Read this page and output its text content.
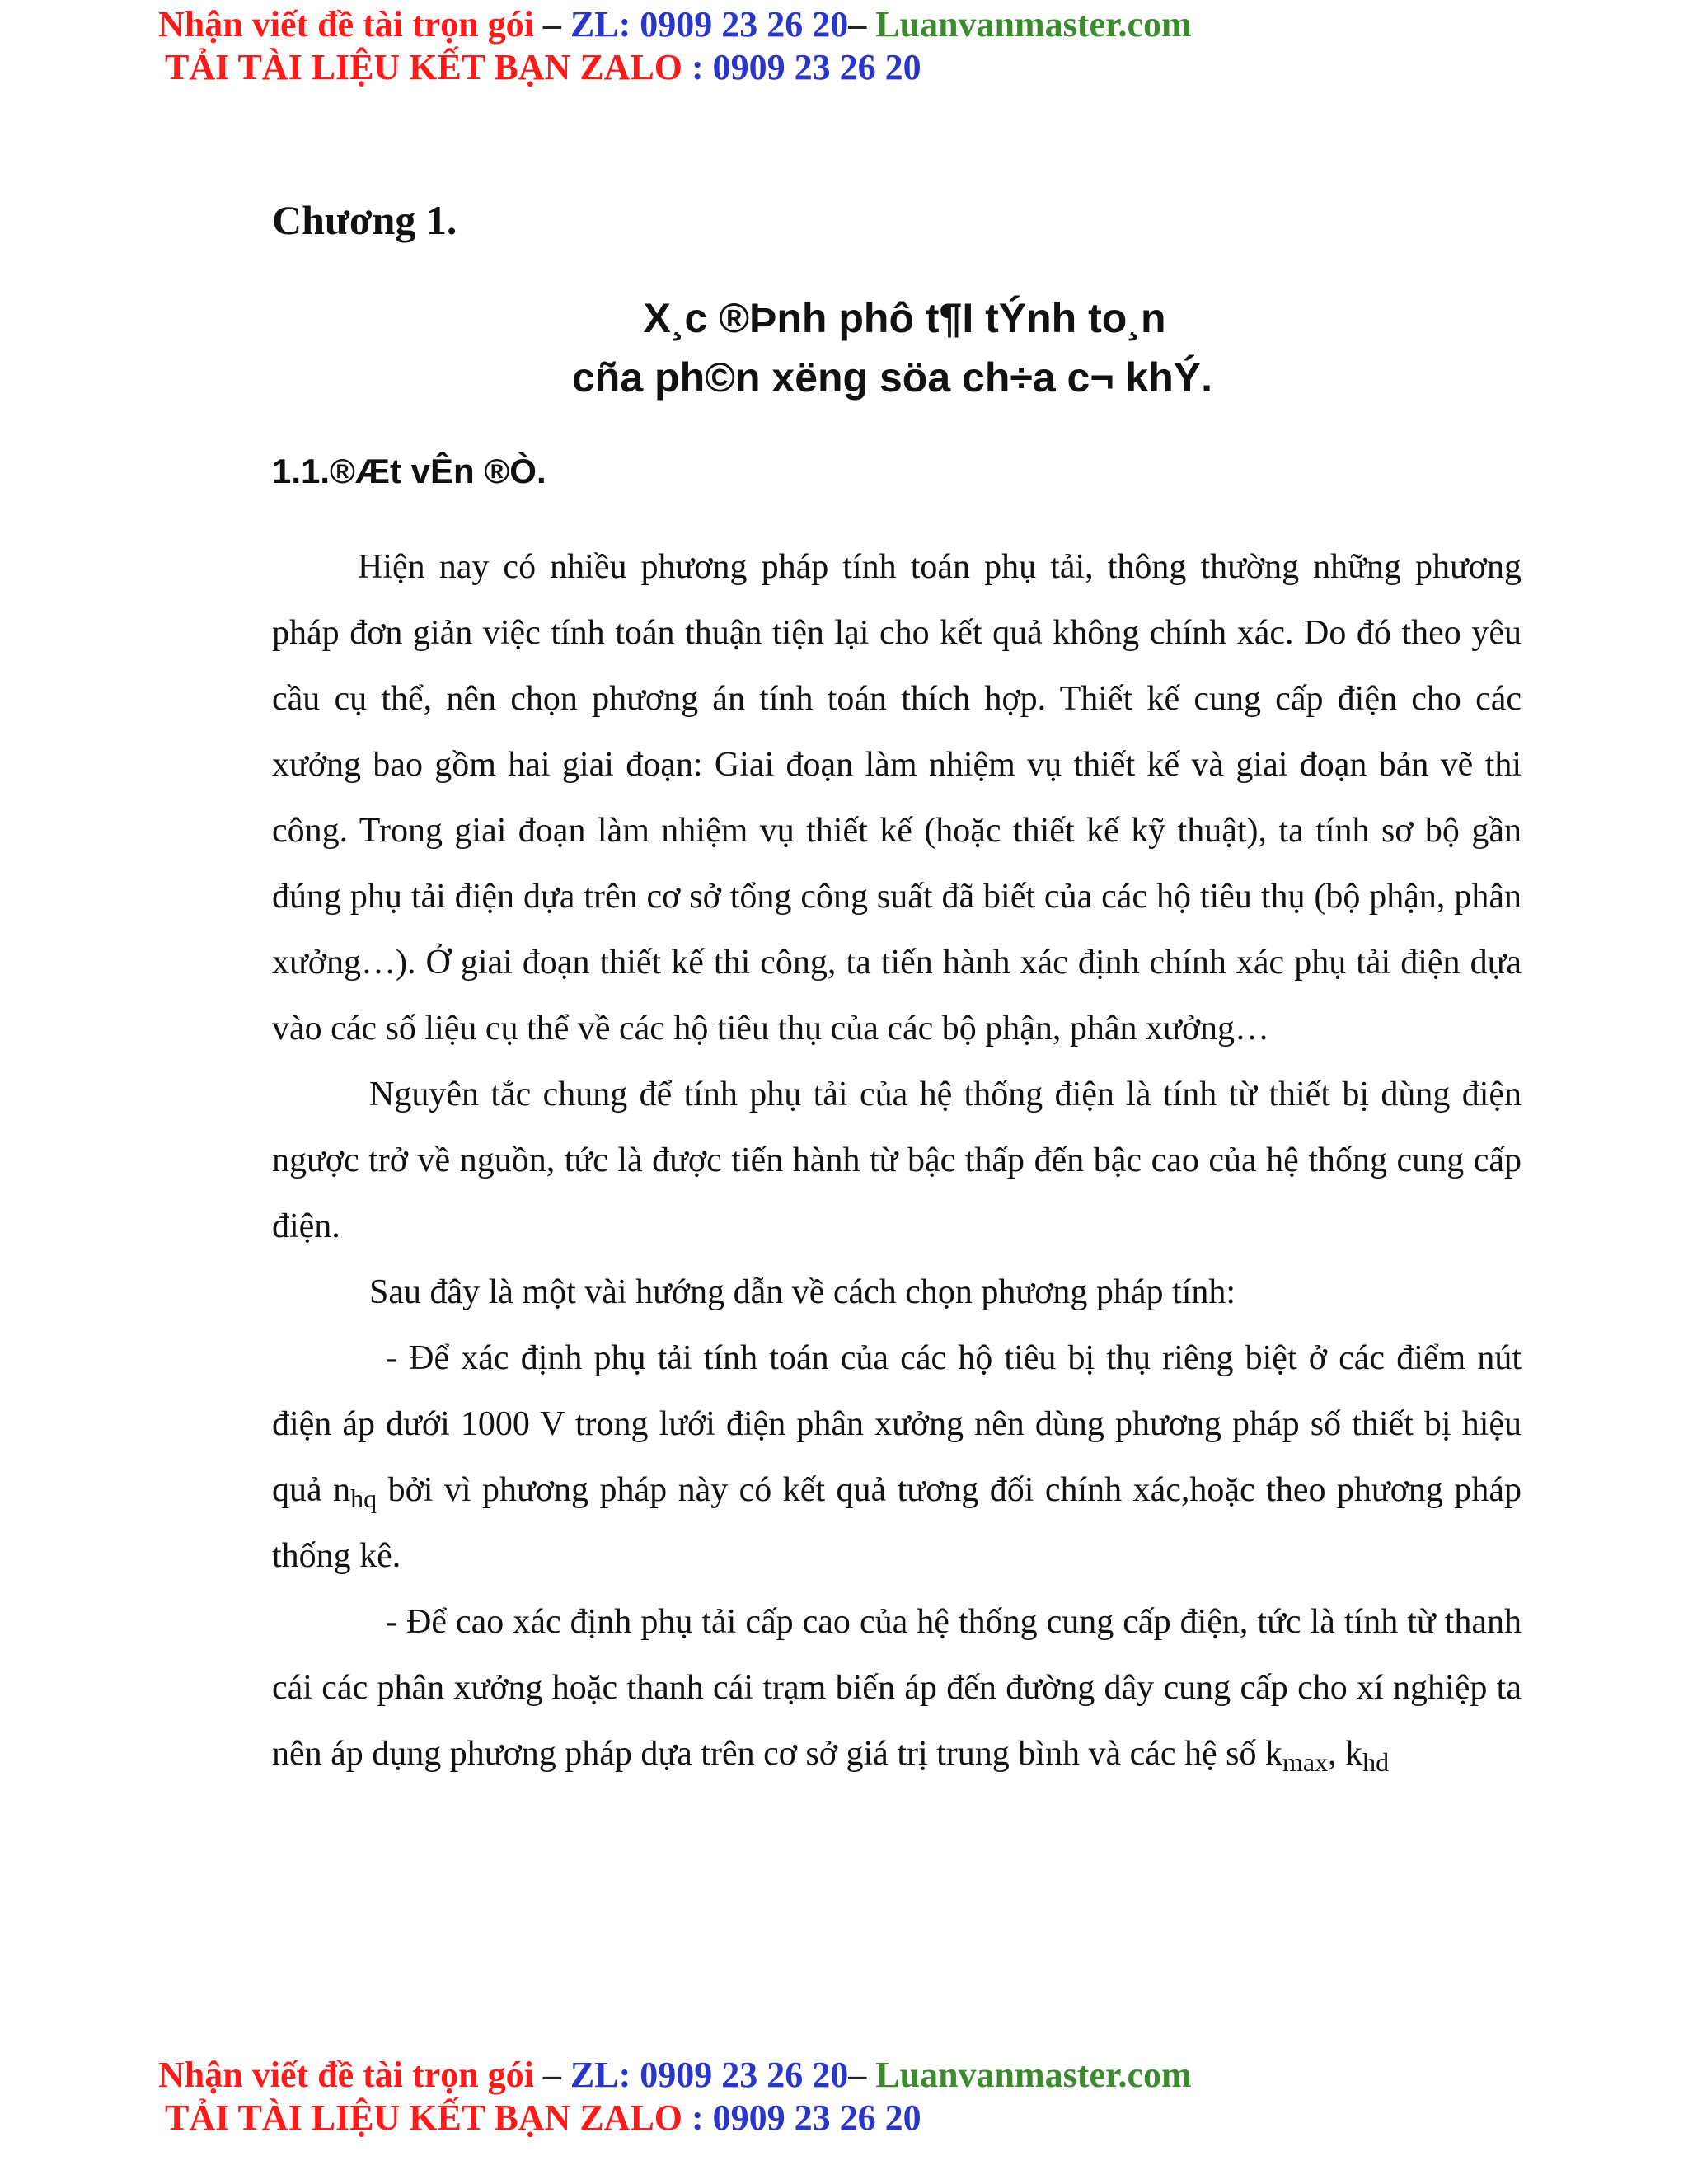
Nhận viết đề tài trọn gói – ZL: 0909 23 26 20– Luanvanmaster.com
TẢI TÀI LIỆU KẾT BẠN ZALO : 0909 23 26 20
Chương 1.
X¸c ®Þnh phô t¶I tÝnh to¸n
cña ph©n xëng söa ch÷a c¬ khÝ.
1.1.®Æt vÊn ®Ò.

Hiện nay có nhiều phương pháp tính toán phụ tải, thông thường những phương pháp đơn giản việc tính toán thuận tiện lại cho kết quả không chính xác. Do đó theo yêu cầu cụ thể, nên chọn phương án tính toán thích hợp. Thiết kế cung cấp điện cho các xưởng bao gồm hai giai đoạn: Giai đoạn làm nhiệm vụ thiết kế và giai đoạn bản vẽ thi công. Trong giai đoạn làm nhiệm vụ thiết kế (hoặc thiết kế kỹ thuật), ta tính sơ bộ gần đúng phụ tải điện dựa trên cơ sở tổng công suất đã biết của các hộ tiêu thụ (bộ phận, phân xưởng…). Ở giai đoạn thiết kế thi công, ta tiến hành xác định chính xác phụ tải điện dựa vào các số liệu cụ thể về các hộ tiêu thụ của các bộ phận, phân xưởng…

Nguyên tắc chung để tính phụ tải của hệ thống điện là tính từ thiết bị dùng điện ngược trở về nguồn, tức là được tiến hành từ bậc thấp đến bậc cao của hệ thống cung cấp điện.

Sau đây là một vài hướng dẫn về cách chọn phương pháp tính:

- Để xác định phụ tải tính toán của các hộ tiêu bị thụ riêng biệt ở các điểm nút điện áp dưới 1000 V trong lưới điện phân xưởng nên dùng phương pháp số thiết bị hiệu quả $n_{hq}$ bởi vì phương pháp này có kết quả tương đối chính xác,hoặc theo phương pháp thống kê.

- Để cao xác định phụ tải cấp cao của hệ thống cung cấp điện, tức là tính từ thanh cái các phân xưởng hoặc thanh cái trạm biến áp đến đường dây cung cấp cho xí nghiệp ta nên áp dụng phương pháp dựa trên cơ sở giá trị trung bình và các hệ số $k_{max}$, $k_{hd}$

Nhận viết đề tài trọn gói – ZL: 0909 23 26 20– Luanvanmaster.com
TẢI TÀI LIỆU KẾT BẠN ZALO : 0909 23 26 20
